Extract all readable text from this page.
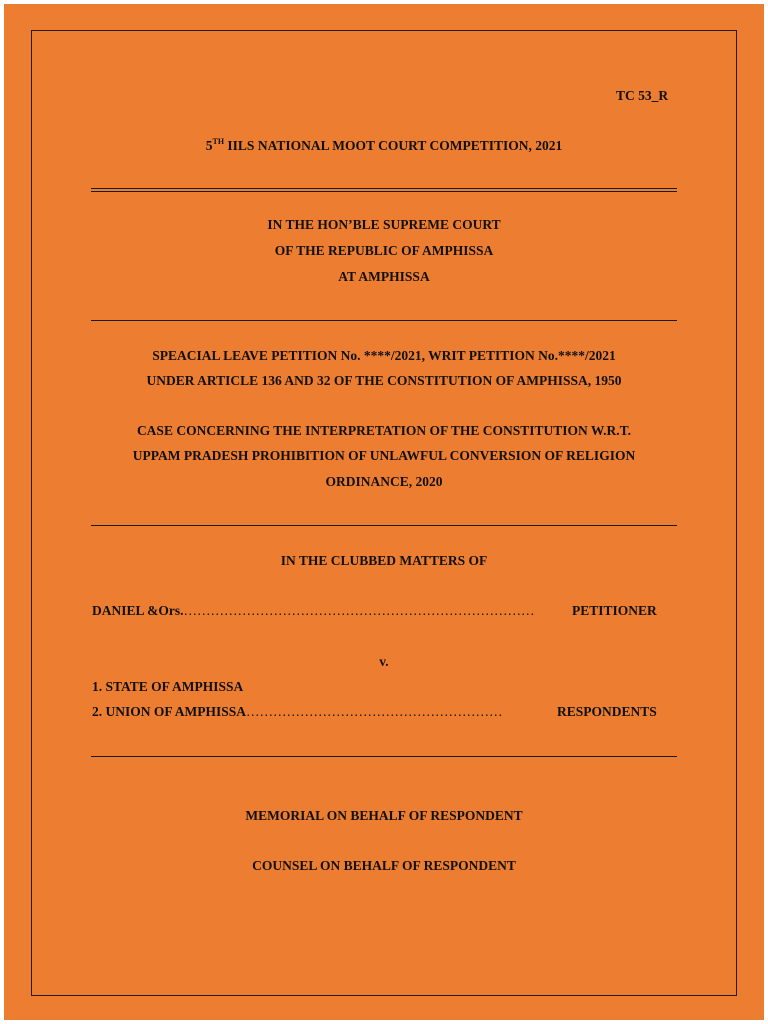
TC 53_R
5TH IILS NATIONAL MOOT COURT COMPETITION, 2021
IN THE HON’BLE SUPREME COURT
OF THE REPUBLIC OF AMPHISSA
AT AMPHISSA
SPEACIAL LEAVE PETITION No. ****/2021, WRIT PETITION No.****/2021
UNDER ARTICLE 136 AND 32 OF THE CONSTITUTION OF AMPHISSA, 1950
CASE CONCERNING THE INTERPRETATION OF THE CONSTITUTION W.R.T.
UPPAM PRADESH PROHIBITION OF UNLAWFUL CONVERSION OF RELIGION
ORDINANCE, 2020
IN THE CLUBBED MATTERS OF
DANIEL &Ors.……………………………………………………………………	PETITIONER
v.
1. STATE OF AMPHISSA
2. UNION OF AMPHISSA…………………………………………………	RESPONDENTS
MEMORIAL ON BEHALF OF RESPONDENT
COUNSEL ON BEHALF OF RESPONDENT
